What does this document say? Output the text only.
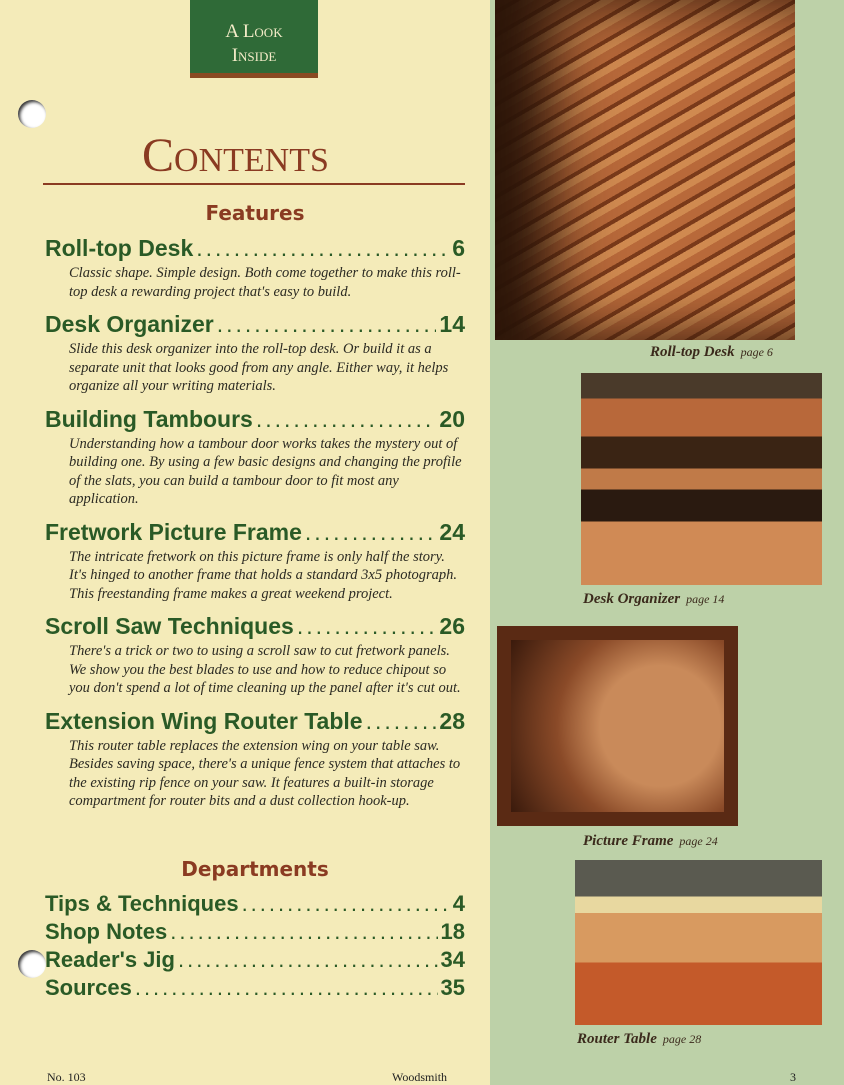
A Look
Inside
Contents
Features
Roll-top Desk .....	6
Classic shape. Simple design. Both come together to make this roll-top desk a rewarding project that's easy to build.
Desk Organizer .....	14
Slide this desk organizer into the roll-top desk. Or build it as a separate unit that looks good from any angle. Either way, it helps organize all your writing materials.
Building Tambours .....	20
Understanding how a tambour door works takes the mystery out of building one. By using a few basic designs and changing the profile of the slats, you can build a tambour door to fit most any application.
Fretwork Picture Frame .....	24
The intricate fretwork on this picture frame is only half the story. It's hinged to another frame that holds a standard 3x5 photograph. This freestanding frame makes a great weekend project.
Scroll Saw Techniques .....	26
There's a trick or two to using a scroll saw to cut fretwork panels. We show you the best blades to use and how to reduce chipout so you don't spend a lot of time cleaning up the panel after it's cut out.
Extension Wing Router Table .....	28
This router table replaces the extension wing on your table saw. Besides saving space, there's a unique fence system that attaches to the existing rip fence on your saw. It features a built-in storage compartment for router bits and a dust collection hook-up.
Departments
Tips & Techniques .....	4
Shop Notes .....	18
Reader's Jig .....	34
Sources .....	35
Roll-top Desk page 6
Desk Organizer page 14
Picture Frame page 24
Router Table page 28
No. 103	Woodsmith	3
